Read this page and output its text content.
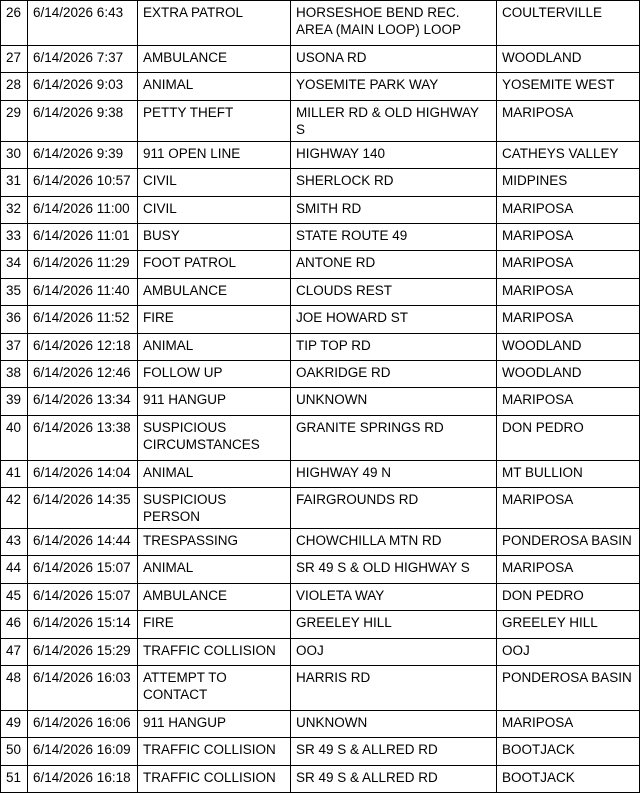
26	6/14/2026 6:43	EXTRA PATROL	HORSESHOE BEND REC. AREA (MAIN LOOP) LOOP	COULTERVILLE
27	6/14/2026 7:37	AMBULANCE	USONA RD	WOODLAND
28	6/14/2026 9:03	ANIMAL	YOSEMITE PARK WAY	YOSEMITE WEST
29	6/14/2026 9:38	PETTY THEFT	MILLER RD & OLD HIGHWAY S	MARIPOSA
30	6/14/2026 9:39	911 OPEN LINE	HIGHWAY 140	CATHEYS VALLEY
31	6/14/2026 10:57	CIVIL	SHERLOCK RD	MIDPINES
32	6/14/2026 11:00	CIVIL	SMITH RD	MARIPOSA
33	6/14/2026 11:01	BUSY	STATE ROUTE 49	MARIPOSA
34	6/14/2026 11:29	FOOT PATROL	ANTONE RD	MARIPOSA
35	6/14/2026 11:40	AMBULANCE	CLOUDS REST	MARIPOSA
36	6/14/2026 11:52	FIRE	JOE HOWARD ST	MARIPOSA
37	6/14/2026 12:18	ANIMAL	TIP TOP RD	WOODLAND
38	6/14/2026 12:46	FOLLOW UP	OAKRIDGE RD	WOODLAND
39	6/14/2026 13:34	911 HANGUP	UNKNOWN	MARIPOSA
40	6/14/2026 13:38	SUSPICIOUS CIRCUMSTANCES	GRANITE SPRINGS RD	DON PEDRO
41	6/14/2026 14:04	ANIMAL	HIGHWAY 49 N	MT BULLION
42	6/14/2026 14:35	SUSPICIOUS PERSON	FAIRGROUNDS RD	MARIPOSA
43	6/14/2026 14:44	TRESPASSING	CHOWCHILLA MTN RD	PONDEROSA BASIN
44	6/14/2026 15:07	ANIMAL	SR 49 S & OLD HIGHWAY S	MARIPOSA
45	6/14/2026 15:07	AMBULANCE	VIOLETA WAY	DON PEDRO
46	6/14/2026 15:14	FIRE	GREELEY HILL	GREELEY HILL
47	6/14/2026 15:29	TRAFFIC COLLISION	OOJ	OOJ
48	6/14/2026 16:03	ATTEMPT TO CONTACT	HARRIS RD	PONDEROSA BASIN
49	6/14/2026 16:06	911 HANGUP	UNKNOWN	MARIPOSA
50	6/14/2026 16:09	TRAFFIC COLLISION	SR 49 S & ALLRED RD	BOOTJACK
51	6/14/2026 16:18	TRAFFIC COLLISION	SR 49 S & ALLRED RD	BOOTJACK
